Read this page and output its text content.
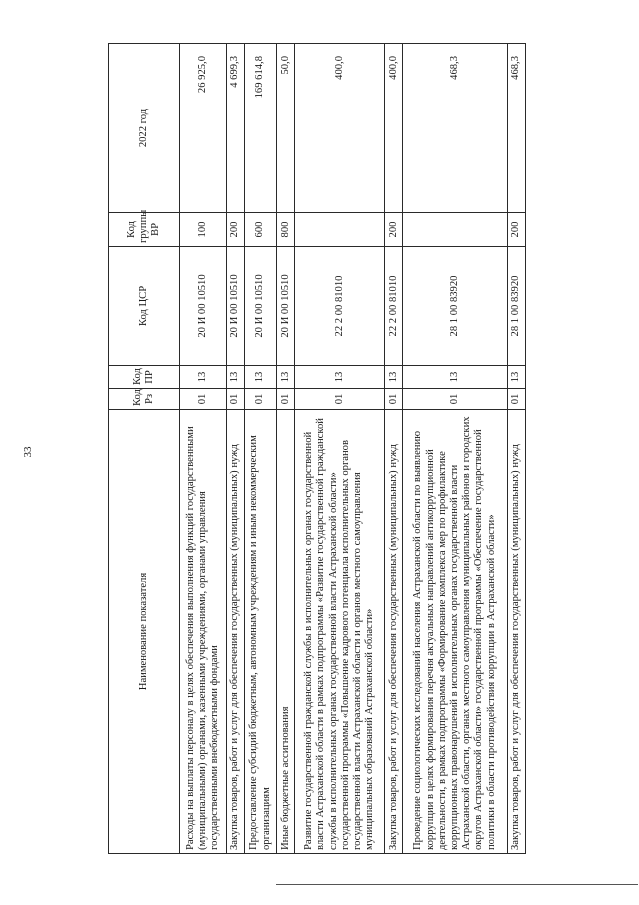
33
Наименование показателя	Код Рз	Код ПР	Код ЦСР	Код группы ВР	2022 год
Расходы на выплаты персоналу в целях обеспечения выполнения функций государственными (муниципальными) органами, казенными учреждениями, органами управления государственными внебюджетными фондами	01	13	20 И 00 10510	100	26 925,0
Закупка товаров, работ и услуг для обеспечения государственных (муниципальных) нужд	01	13	20 И 00 10510	200	4 699,3
Предоставление субсидий бюджетным, автономным учреждениям и иным некоммерческим организациям	01	13	20 И 00 10510	600	169 614,8
Иные бюджетные ассигнования	01	13	20 И 00 10510	800	50,0
Развитие государственной гражданской службы в исполнительных органах государственной власти Астраханской области в рамках подпрограммы «Развитие государственной гражданской службы в исполнительных органах государственной власти Астраханской области» государственной программы «Повышение кадрового потенциала исполнительных органов государственной власти Астраханской области и органов местного самоуправления муниципальных образований Астраханской области»	01	13	22 2 00 81010		400,0
Закупка товаров, работ и услуг для обеспечения государственных (муниципальных) нужд	01	13	22 2 00 81010	200	400,0
Проведение социологических исследований населения Астраханской области по выявлению коррупции в целях формирования перечня актуальных направлений антикоррупционной деятельности, в рамках подпрограммы «Формирование комплекса мер по профилактике коррупционных правонарушений в исполнительных органах государственной власти Астраханской области, органах местного самоуправления муниципальных районов и городских округов Астраханской области» государственной программы «Обеспечение государственной политики в области противодействия коррупции в Астраханской области»	01	13	28 1 00 83920		468,3
Закупка товаров, работ и услуг для обеспечения государственных (муниципальных) нужд	01	13	28 1 00 83920	200	468,3
